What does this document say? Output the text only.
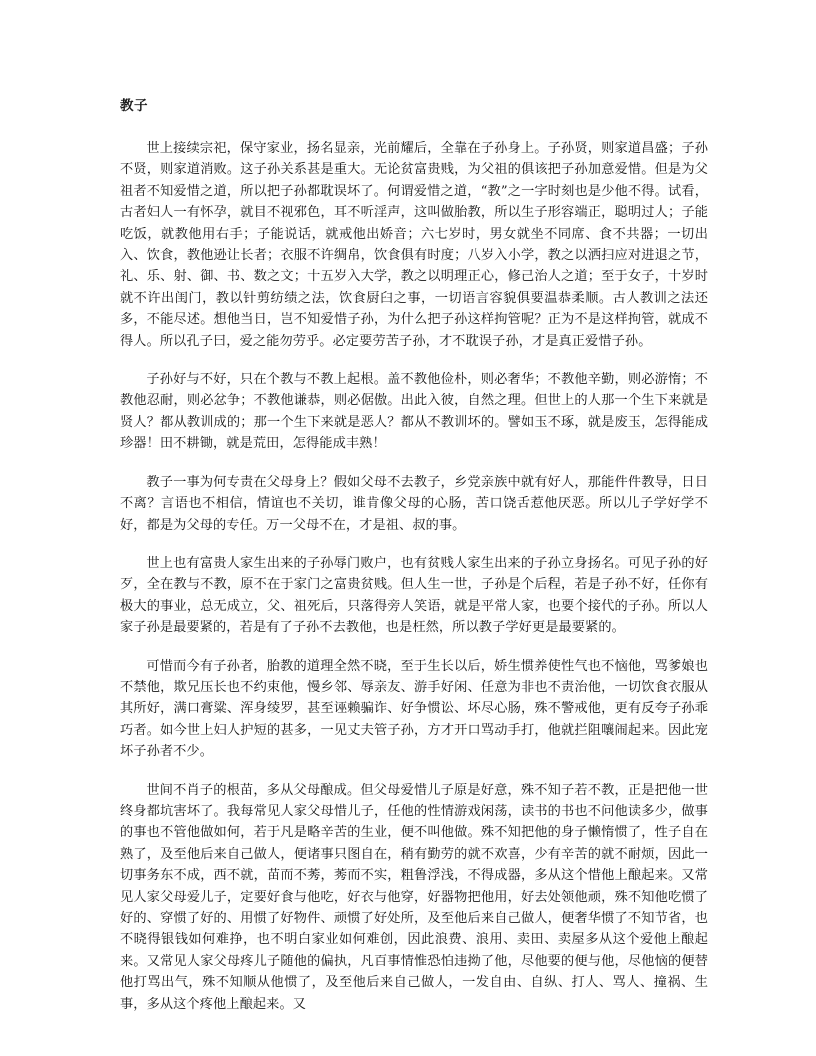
教子

世上接续宗祀，保守家业，扬名显亲，光前耀后，全靠在子孙身上。子孙贤，则家道昌盛；子孙不贤，则家道消败。这子孙关系甚是重大。无论贫富贵贱，为父祖的俱该把子孙加意爱惜。但是为父祖者不知爱惜之道，所以把子孙都耽误坏了。何谓爱惜之道，“教”之一字时刻也是少他不得。试看，古者妇人一有怀孕，就目不视邪色，耳不听淫声，这叫做胎教，所以生子形容端正，聪明过人；子能吃饭，就教他用右手；子能说话，就戒他出娇音；六七岁时，男女就坐不同席、食不共器；一切出入、饮食，教他逊让长者；衣服不许绸帛，饮食俱有时度；八岁入小学，教之以洒扫应对进退之节，礼、乐、射、御、书、数之文；十五岁入大学，教之以明理正心，修己治人之道；至于女子，十岁时就不许出闺门，教以针剪纺绩之法，饮食厨臼之事，一切语言容貌俱要温恭柔顺。古人教训之法还多，不能尽述。想他当日，岂不知爱惜子孙，为什么把子孙这样拘管呢？正为不是这样拘管，就成不得人。所以孔子曰，爱之能勿劳乎。必定要劳苦子孙，才不耽误子孙，才是真正爱惜子孙。

子孙好与不好，只在个教与不教上起根。盖不教他俭朴，则必奢华；不教他辛勤，则必游惰；不教他忍耐，则必忿争；不教他谦恭，则必倨傲。出此入彼，自然之理。但世上的人那一个生下来就是贤人？都从教训成的；那一个生下来就是恶人？都从不教训坏的。譬如玉不琢，就是废玉，怎得能成珍器！田不耕锄，就是荒田，怎得能成丰熟！

教子一事为何专责在父母身上？假如父母不去教子，乡党亲族中就有好人，那能件件教导，日日不离？言语也不相信，情谊也不关切，谁肯像父母的心肠，苦口饶舌惹他厌恶。所以儿子学好学不好，都是为父母的专任。万一父母不在，才是祖、叔的事。

世上也有富贵人家生出来的子孙辱门败户，也有贫贱人家生出来的子孙立身扬名。可见子孙的好歹，全在教与不教，原不在于家门之富贵贫贱。但人生一世，子孙是个后程，若是子孙不好，任你有极大的事业，总无成立，父、祖死后，只落得旁人笑语，就是平常人家，也要个接代的子孙。所以人家子孙是最要紧的，若是有了子孙不去教他，也是枉然，所以教子学好更是最要紧的。

可惜而今有子孙者，胎教的道理全然不晓，至于生长以后，娇生惯养使性气也不恼他，骂爹娘也不禁他，欺兄压长也不约束他，慢乡邻、辱亲友、游手好闲、任意为非也不责治他，一切饮食衣服从其所好，满口膏粱、浑身绫罗，甚至诬赖骗诈、好争惯讼、坏尽心肠，殊不警戒他，更有反夸子孙乖巧者。如今世上妇人护短的甚多，一见丈夫管子孙，方才开口骂动手打，他就拦阻嚷闹起来。因此宠坏子孙者不少。

世间不肖子的根苗，多从父母酿成。但父母爱惜儿子原是好意，殊不知子若不教，正是把他一世终身都坑害坏了。我每常见人家父母惜儿子，任他的性情游戏闲荡，读书的书也不问他读多少，做事的事也不管他做如何，若于凡是略辛苦的生业，便不叫他做。殊不知把他的身子懒惰惯了，性子自在熟了，及至他后来自己做人，便诸事只图自在，稍有勤劳的就不欢喜，少有辛苦的就不耐烦，因此一切事务东不成，西不就，苗而不莠，莠而不实，粗鲁浮浅，不得成器，多从这个惜他上酿起来。又常见人家父母爱儿子，定要好食与他吃，好衣与他穿，好器物把他用，好去处领他顽，殊不知他吃惯了好的、穿惯了好的、用惯了好物件、顽惯了好处所，及至他后来自己做人，便奢华惯了不知节省，也不晓得银钱如何难挣，也不明白家业如何难创，因此浪费、浪用、卖田、卖屋多从这个爱他上酿起来。又常见人家父母疼儿子随他的偏执，凡百事情惟恐怕违拗了他，尽他要的便与他，尽他恼的便替他打骂出气，殊不知顺从他惯了，及至他后来自己做人，一发自由、自纵、打人、骂人、撞祸、生事，多从这个疼他上酿起来。又
